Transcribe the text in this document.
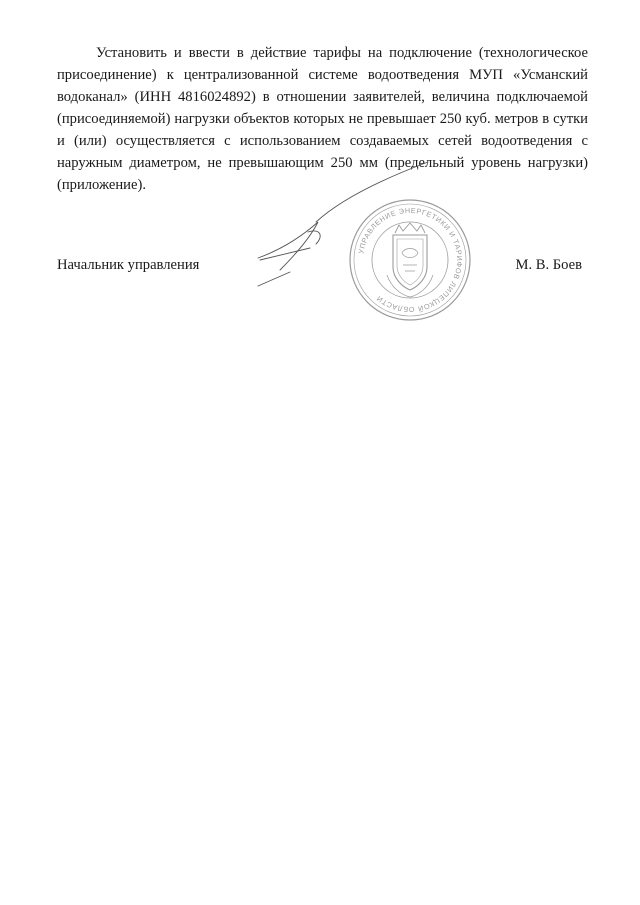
Установить и ввести в действие тарифы на подключение (технологическое присоединение) к централизованной системе водоотведения МУП «Усманский водоканал» (ИНН 4816024892) в отношении заявителей, величина подключаемой (присоединяемой) нагрузки объектов которых не превышает 250 куб. метров в сутки и (или) осуществляется с использованием создаваемых сетей водоотведения с наружным диаметром, не превышающим 250 мм (предельный уровень нагрузки) (приложение).

УПРАВЛЕНИЕ ЭНЕРГЕТИКИ И ТАРИФОВ ЛИПЕЦКОЙ ОБЛАСТИ

Начальник управления	М. В. Боев
